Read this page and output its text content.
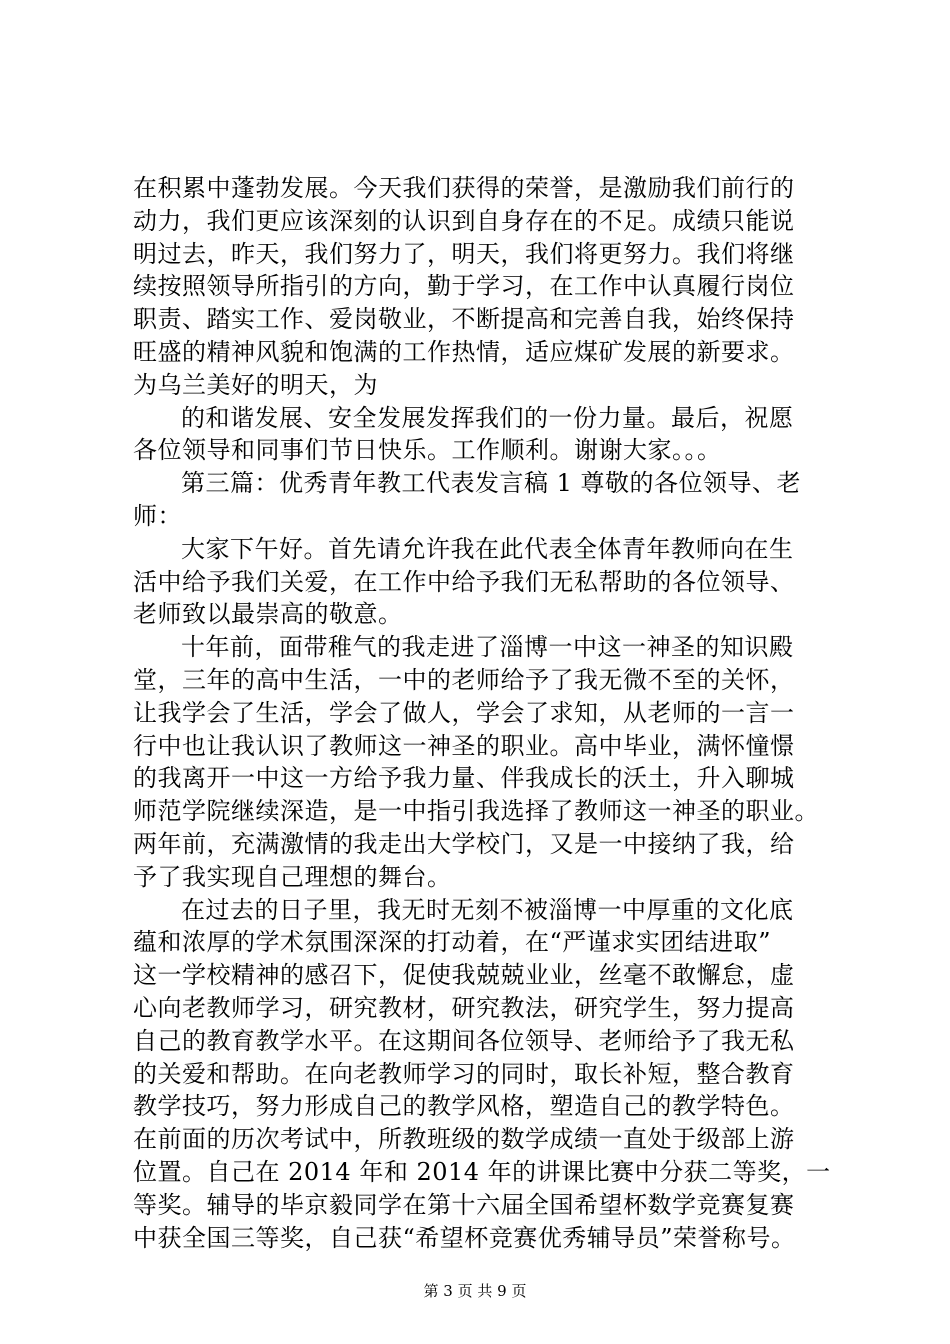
在积累中蓬勃发展。今天我们获得的荣誉，是激励我们前行的
动力，我们更应该深刻的认识到自身存在的不足。成绩只能说
明过去，昨天，我们努力了，明天，我们将更努力。我们将继
续按照领导所指引的方向，勤于学习，在工作中认真履行岗位
职责、踏实工作、爱岗敬业，不断提高和完善自我，始终保持
旺盛的精神风貌和饱满的工作热情，适应煤矿发展的新要求。
为乌兰美好的明天，为
的和谐发展、安全发展发挥我们的一份力量。最后，祝愿
各位领导和同事们节日快乐。工作顺利。谢谢大家。。。
第三篇：优秀青年教工代表发言稿 1 尊敬的各位领导、老
师：
大家下午好。首先请允许我在此代表全体青年教师向在生
活中给予我们关爱，在工作中给予我们无私帮助的各位领导、
老师致以最崇高的敬意。
十年前，面带稚气的我走进了淄博一中这一神圣的知识殿
堂，三年的高中生活，一中的老师给予了我无微不至的关怀，
让我学会了生活，学会了做人，学会了求知，从老师的一言一
行中也让我认识了教师这一神圣的职业。高中毕业，满怀憧憬
的我离开一中这一方给予我力量、伴我成长的沃土，升入聊城
师范学院继续深造，是一中指引我选择了教师这一神圣的职业。
两年前，充满激情的我走出大学校门，又是一中接纳了我，给
予了我实现自己理想的舞台。
在过去的日子里，我无时无刻不被淄博一中厚重的文化底
蕴和浓厚的学术氛围深深的打动着，在“严谨求实团结进取”
这一学校精神的感召下，促使我兢兢业业，丝毫不敢懈怠，虚
心向老教师学习，研究教材，研究教法，研究学生，努力提高
自己的教育教学水平。在这期间各位领导、老师给予了我无私
的关爱和帮助。在向老教师学习的同时，取长补短，整合教育
教学技巧，努力形成自己的教学风格，塑造自己的教学特色。
在前面的历次考试中，所教班级的数学成绩一直处于级部上游
位置。自己在 2014 年和 2014 年的讲课比赛中分获二等奖，一
等奖。辅导的毕京毅同学在第十六届全国希望杯数学竞赛复赛
中获全国三等奖，自己获“希望杯竞赛优秀辅导员”荣誉称号。
第 3 页 共 9 页
